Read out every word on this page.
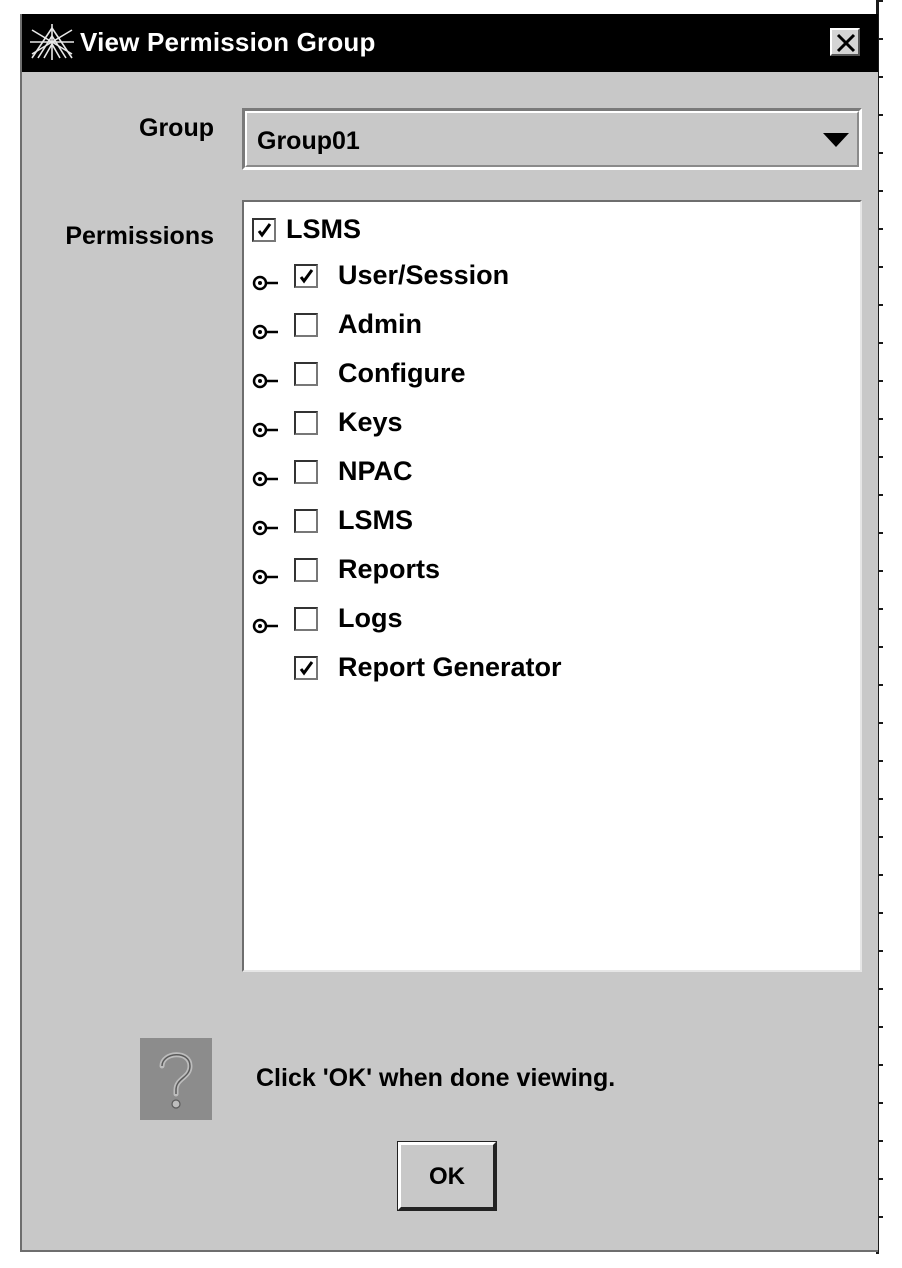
View Permission Group
Group Group01
Permissions	LSMS
User/Session
Admin
Configure
Keys
NPAC
LSMS
Reports
Logs
Report Generator
Click 'OK' when done viewing.
OK
